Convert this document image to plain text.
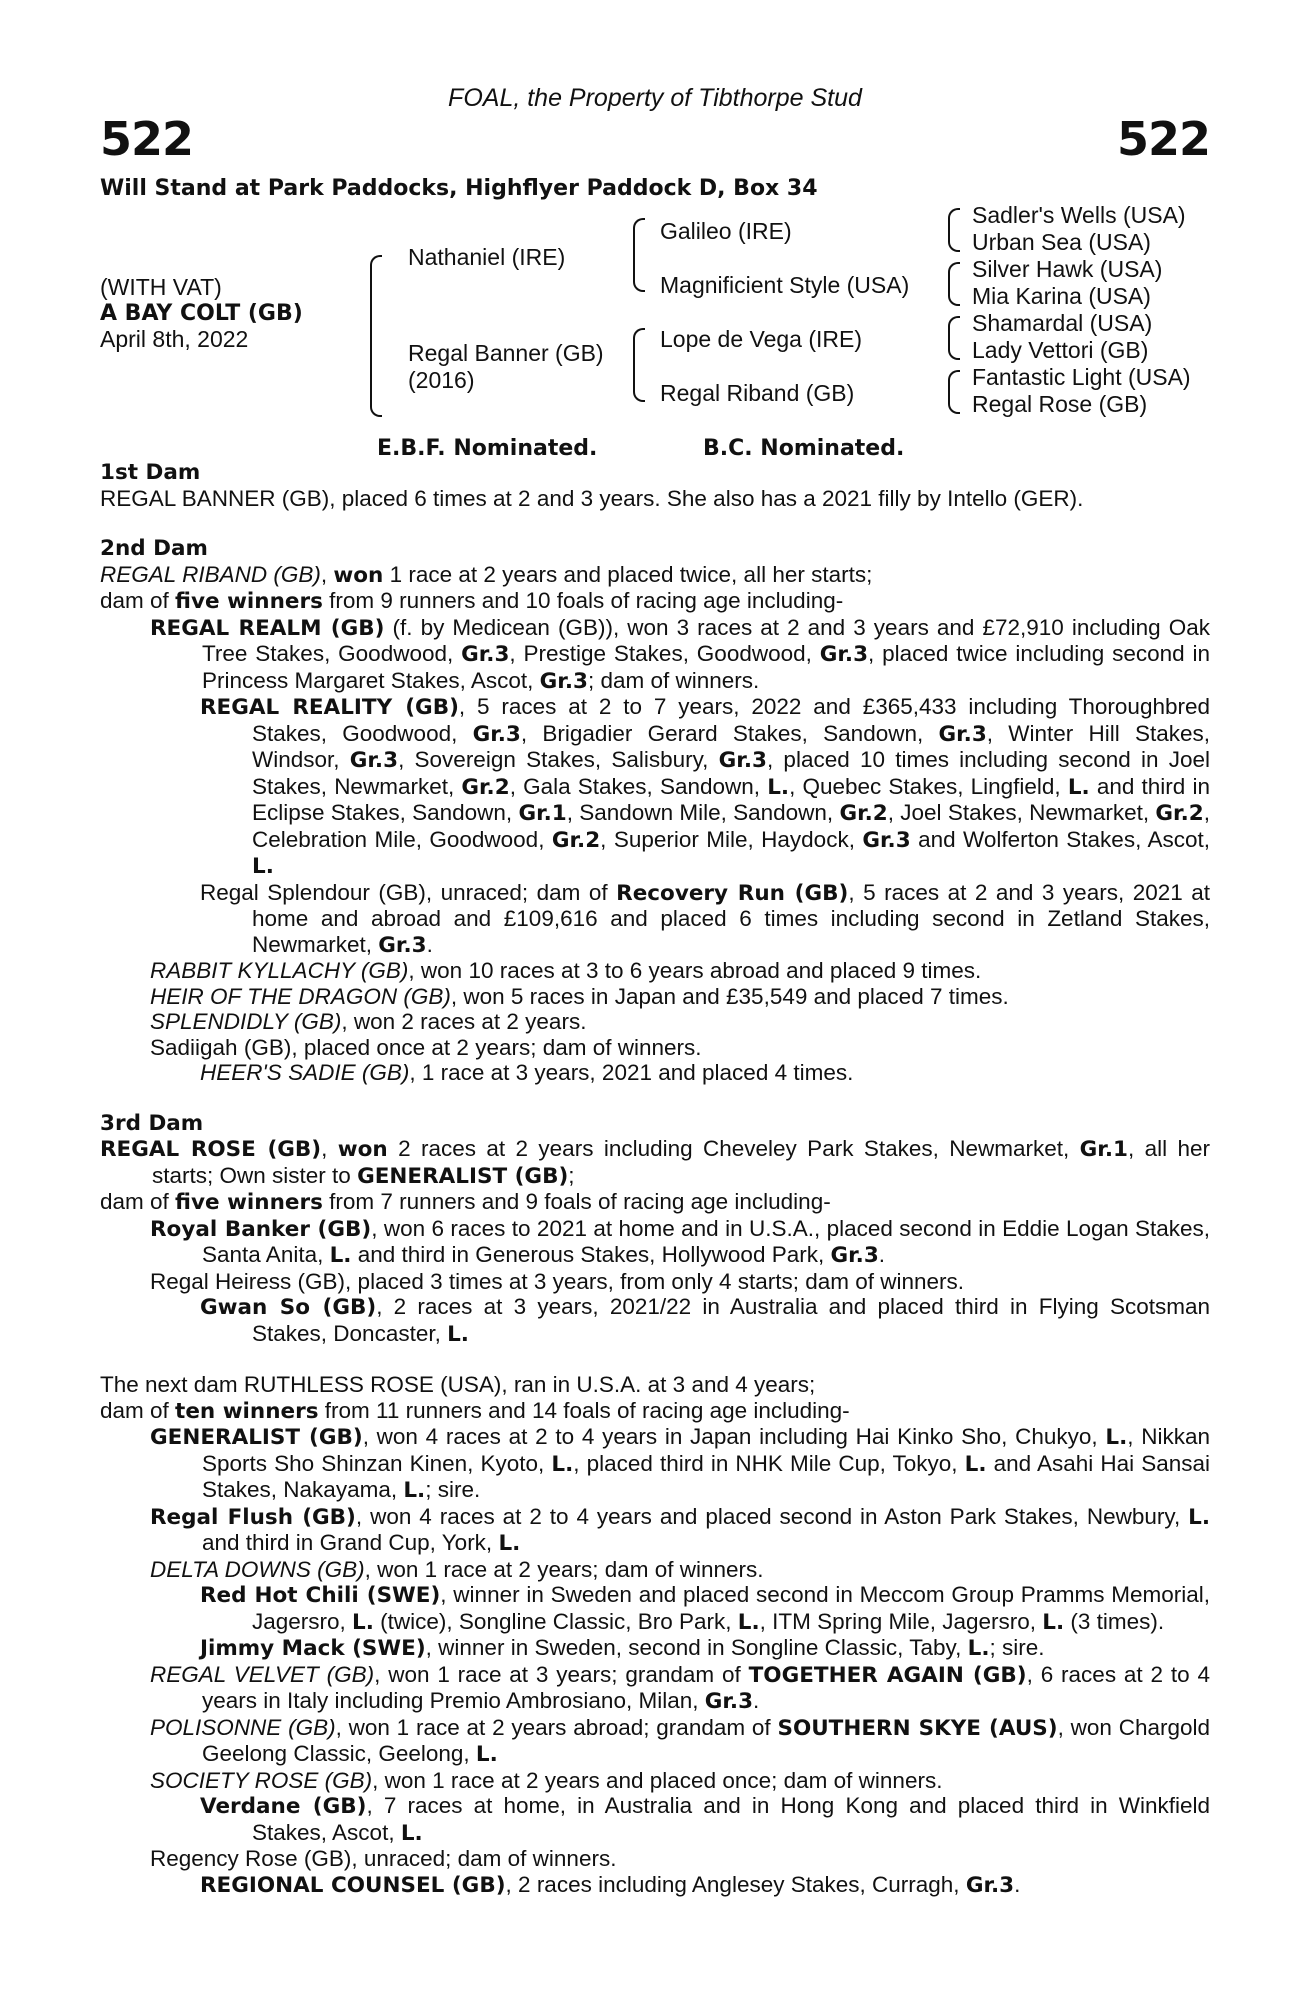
FOAL, the Property of Tibthorpe Stud
522	522
Will Stand at Park Paddocks, Highflyer Paddock D, Box 34
(WITH VAT)
A BAY COLT (GB)
April 8th, 2022
Nathaniel (IRE)
Regal Banner (GB)
(2016)
Galileo (IRE)
Magnificient Style (USA)
Lope de Vega (IRE)
Regal Riband (GB)
Sadler's Wells (USA)
Urban Sea (USA)
Silver Hawk (USA)
Mia Karina (USA)
Shamardal (USA)
Lady Vettori (GB)
Fantastic Light (USA)
Regal Rose (GB)
E.B.F. Nominated.	B.C. Nominated.
1st Dam
REGAL BANNER (GB), placed 6 times at 2 and 3 years. She also has a 2021 filly by Intello (GER).
2nd Dam
REGAL RIBAND (GB), won 1 race at 2 years and placed twice, all her starts;
dam of five winners from 9 runners and 10 foals of racing age including-
REGAL REALM (GB) (f. by Medicean (GB)), won 3 races at 2 and 3 years and £72,910 including Oak Tree Stakes, Goodwood, Gr.3, Prestige Stakes, Goodwood, Gr.3, placed twice including second in Princess Margaret Stakes, Ascot, Gr.3; dam of winners.
REGAL REALITY (GB), 5 races at 2 to 7 years, 2022 and £365,433 including Thoroughbred Stakes, Goodwood, Gr.3, Brigadier Gerard Stakes, Sandown, Gr.3, Winter Hill Stakes, Windsor, Gr.3, Sovereign Stakes, Salisbury, Gr.3, placed 10 times including second in Joel Stakes, Newmarket, Gr.2, Gala Stakes, Sandown, L., Quebec Stakes, Lingfield, L. and third in Eclipse Stakes, Sandown, Gr.1, Sandown Mile, Sandown, Gr.2, Joel Stakes, Newmarket, Gr.2, Celebration Mile, Goodwood, Gr.2, Superior Mile, Haydock, Gr.3 and Wolferton Stakes, Ascot, L.
Regal Splendour (GB), unraced; dam of Recovery Run (GB), 5 races at 2 and 3 years, 2021 at home and abroad and £109,616 and placed 6 times including second in Zetland Stakes, Newmarket, Gr.3.
RABBIT KYLLACHY (GB), won 10 races at 3 to 6 years abroad and placed 9 times.
HEIR OF THE DRAGON (GB), won 5 races in Japan and £35,549 and placed 7 times.
SPLENDIDLY (GB), won 2 races at 2 years.
Sadiigah (GB), placed once at 2 years; dam of winners.
HEER'S SADIE (GB), 1 race at 3 years, 2021 and placed 4 times.
3rd Dam
REGAL ROSE (GB), won 2 races at 2 years including Cheveley Park Stakes, Newmarket, Gr.1, all her starts; Own sister to GENERALIST (GB);
dam of five winners from 7 runners and 9 foals of racing age including-
Royal Banker (GB), won 6 races to 2021 at home and in U.S.A., placed second in Eddie Logan Stakes, Santa Anita, L. and third in Generous Stakes, Hollywood Park, Gr.3.
Regal Heiress (GB), placed 3 times at 3 years, from only 4 starts; dam of winners.
Gwan So (GB), 2 races at 3 years, 2021/22 in Australia and placed third in Flying Scotsman Stakes, Doncaster, L.
The next dam RUTHLESS ROSE (USA), ran in U.S.A. at 3 and 4 years;
dam of ten winners from 11 runners and 14 foals of racing age including-
GENERALIST (GB), won 4 races at 2 to 4 years in Japan including Hai Kinko Sho, Chukyo, L., Nikkan Sports Sho Shinzan Kinen, Kyoto, L., placed third in NHK Mile Cup, Tokyo, L. and Asahi Hai Sansai Stakes, Nakayama, L.; sire.
Regal Flush (GB), won 4 races at 2 to 4 years and placed second in Aston Park Stakes, Newbury, L. and third in Grand Cup, York, L.
DELTA DOWNS (GB), won 1 race at 2 years; dam of winners.
Red Hot Chili (SWE), winner in Sweden and placed second in Meccom Group Pramms Memorial, Jagersro, L. (twice), Songline Classic, Bro Park, L., ITM Spring Mile, Jagersro, L. (3 times).
Jimmy Mack (SWE), winner in Sweden, second in Songline Classic, Taby, L.; sire.
REGAL VELVET (GB), won 1 race at 3 years; grandam of TOGETHER AGAIN (GB), 6 races at 2 to 4 years in Italy including Premio Ambrosiano, Milan, Gr.3.
POLISONNE (GB), won 1 race at 2 years abroad; grandam of SOUTHERN SKYE (AUS), won Chargold Geelong Classic, Geelong, L.
SOCIETY ROSE (GB), won 1 race at 2 years and placed once; dam of winners.
Verdane (GB), 7 races at home, in Australia and in Hong Kong and placed third in Winkfield Stakes, Ascot, L.
Regency Rose (GB), unraced; dam of winners.
REGIONAL COUNSEL (GB), 2 races including Anglesey Stakes, Curragh, Gr.3.
